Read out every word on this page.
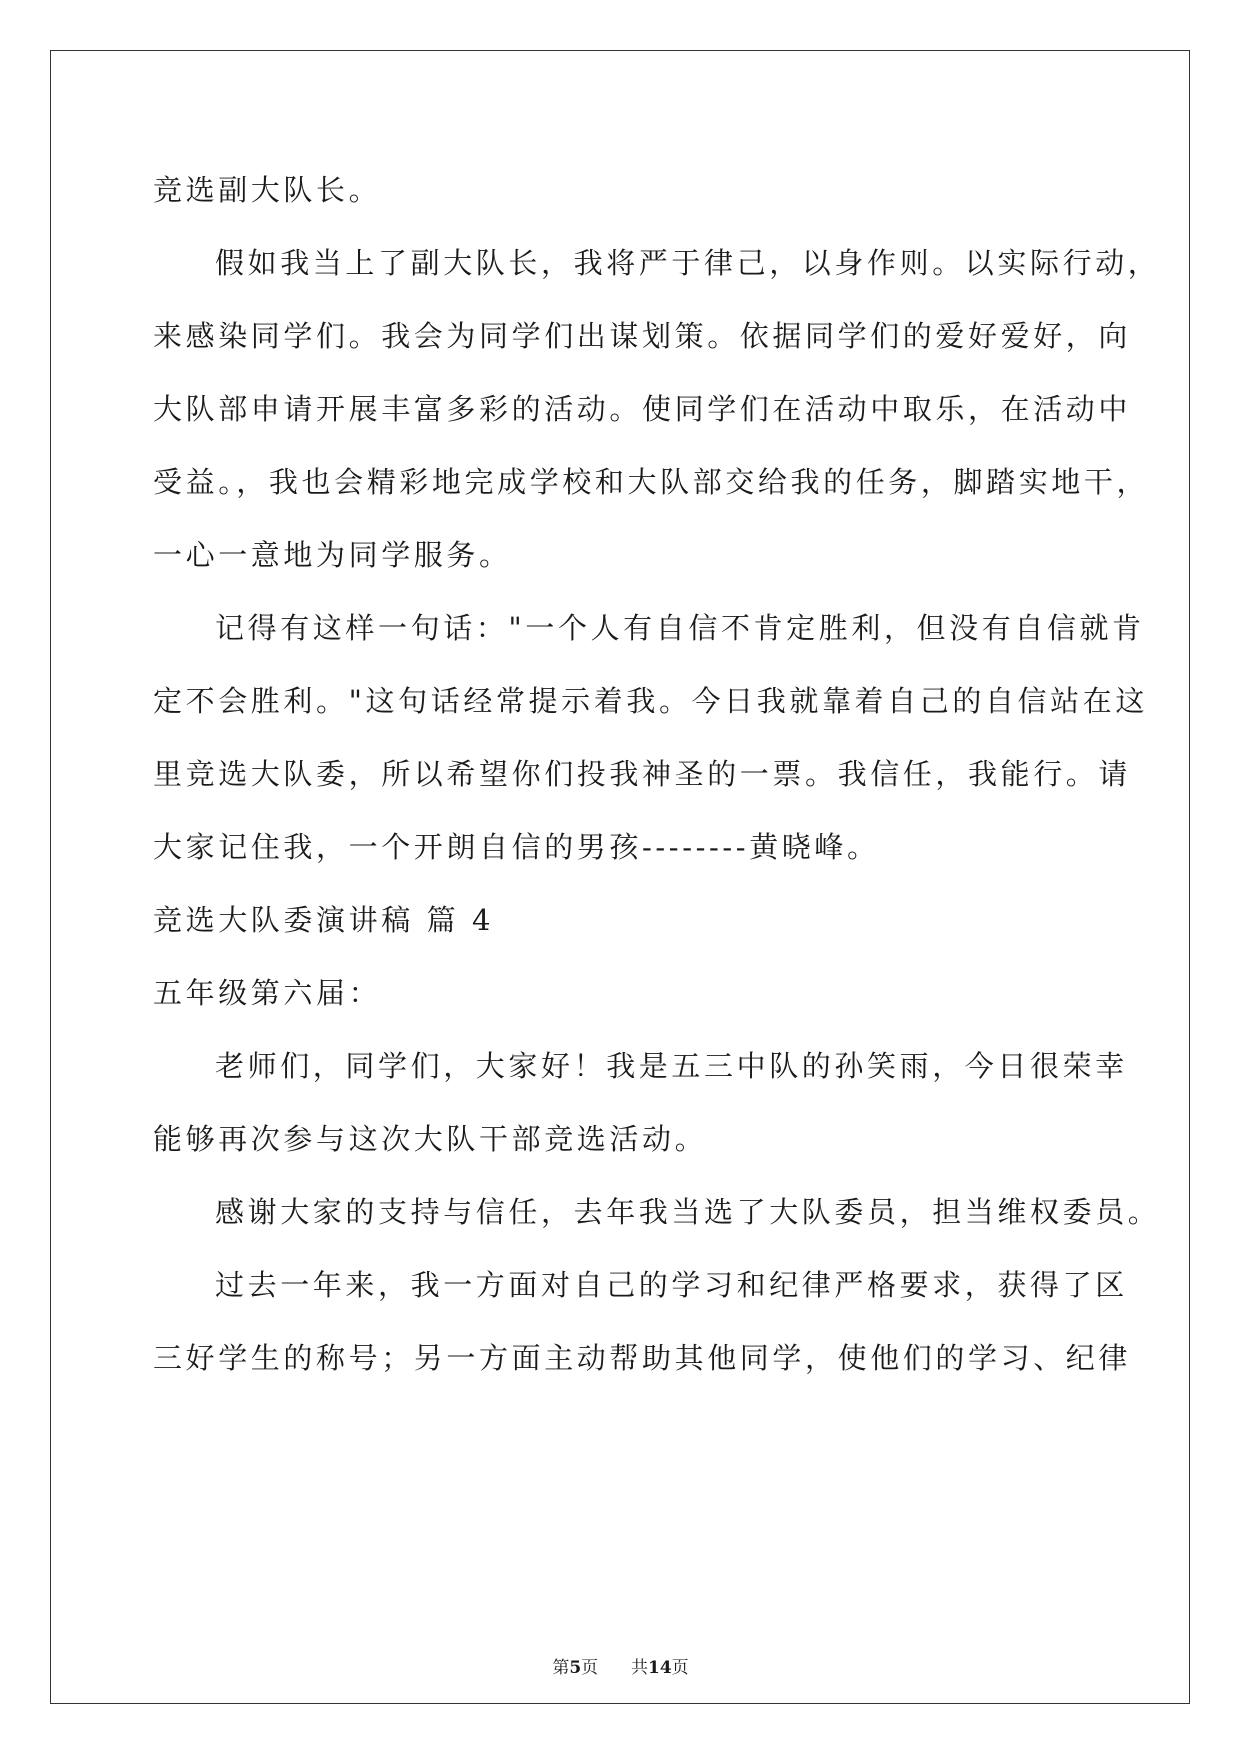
竞选副大队长。
假如我当上了副大队长，我将严于律己，以身作则。以实际行动，
来感染同学们。我会为同学们出谋划策。依据同学们的爱好爱好，向
大队部申请开展丰富多彩的活动。使同学们在活动中取乐，在活动中
受益。，我也会精彩地完成学校和大队部交给我的任务，脚踏实地干，
一心一意地为同学服务。
记得有这样一句话："一个人有自信不肯定胜利，但没有自信就肯
定不会胜利。"这句话经常提示着我。今日我就靠着自己的自信站在这
里竞选大队委，所以希望你们投我神圣的一票。我信任，我能行。请
大家记住我，一个开朗自信的男孩--------黄晓峰。
竞选大队委演讲稿 篇 4
五年级第六届：
老师们，同学们，大家好！我是五三中队的孙笑雨，今日很荣幸
能够再次参与这次大队干部竞选活动。
感谢大家的支持与信任，去年我当选了大队委员，担当维权委员。
过去一年来，我一方面对自己的学习和纪律严格要求，获得了区
三好学生的称号；另一方面主动帮助其他同学，使他们的学习、纪律
第5页 共14页
